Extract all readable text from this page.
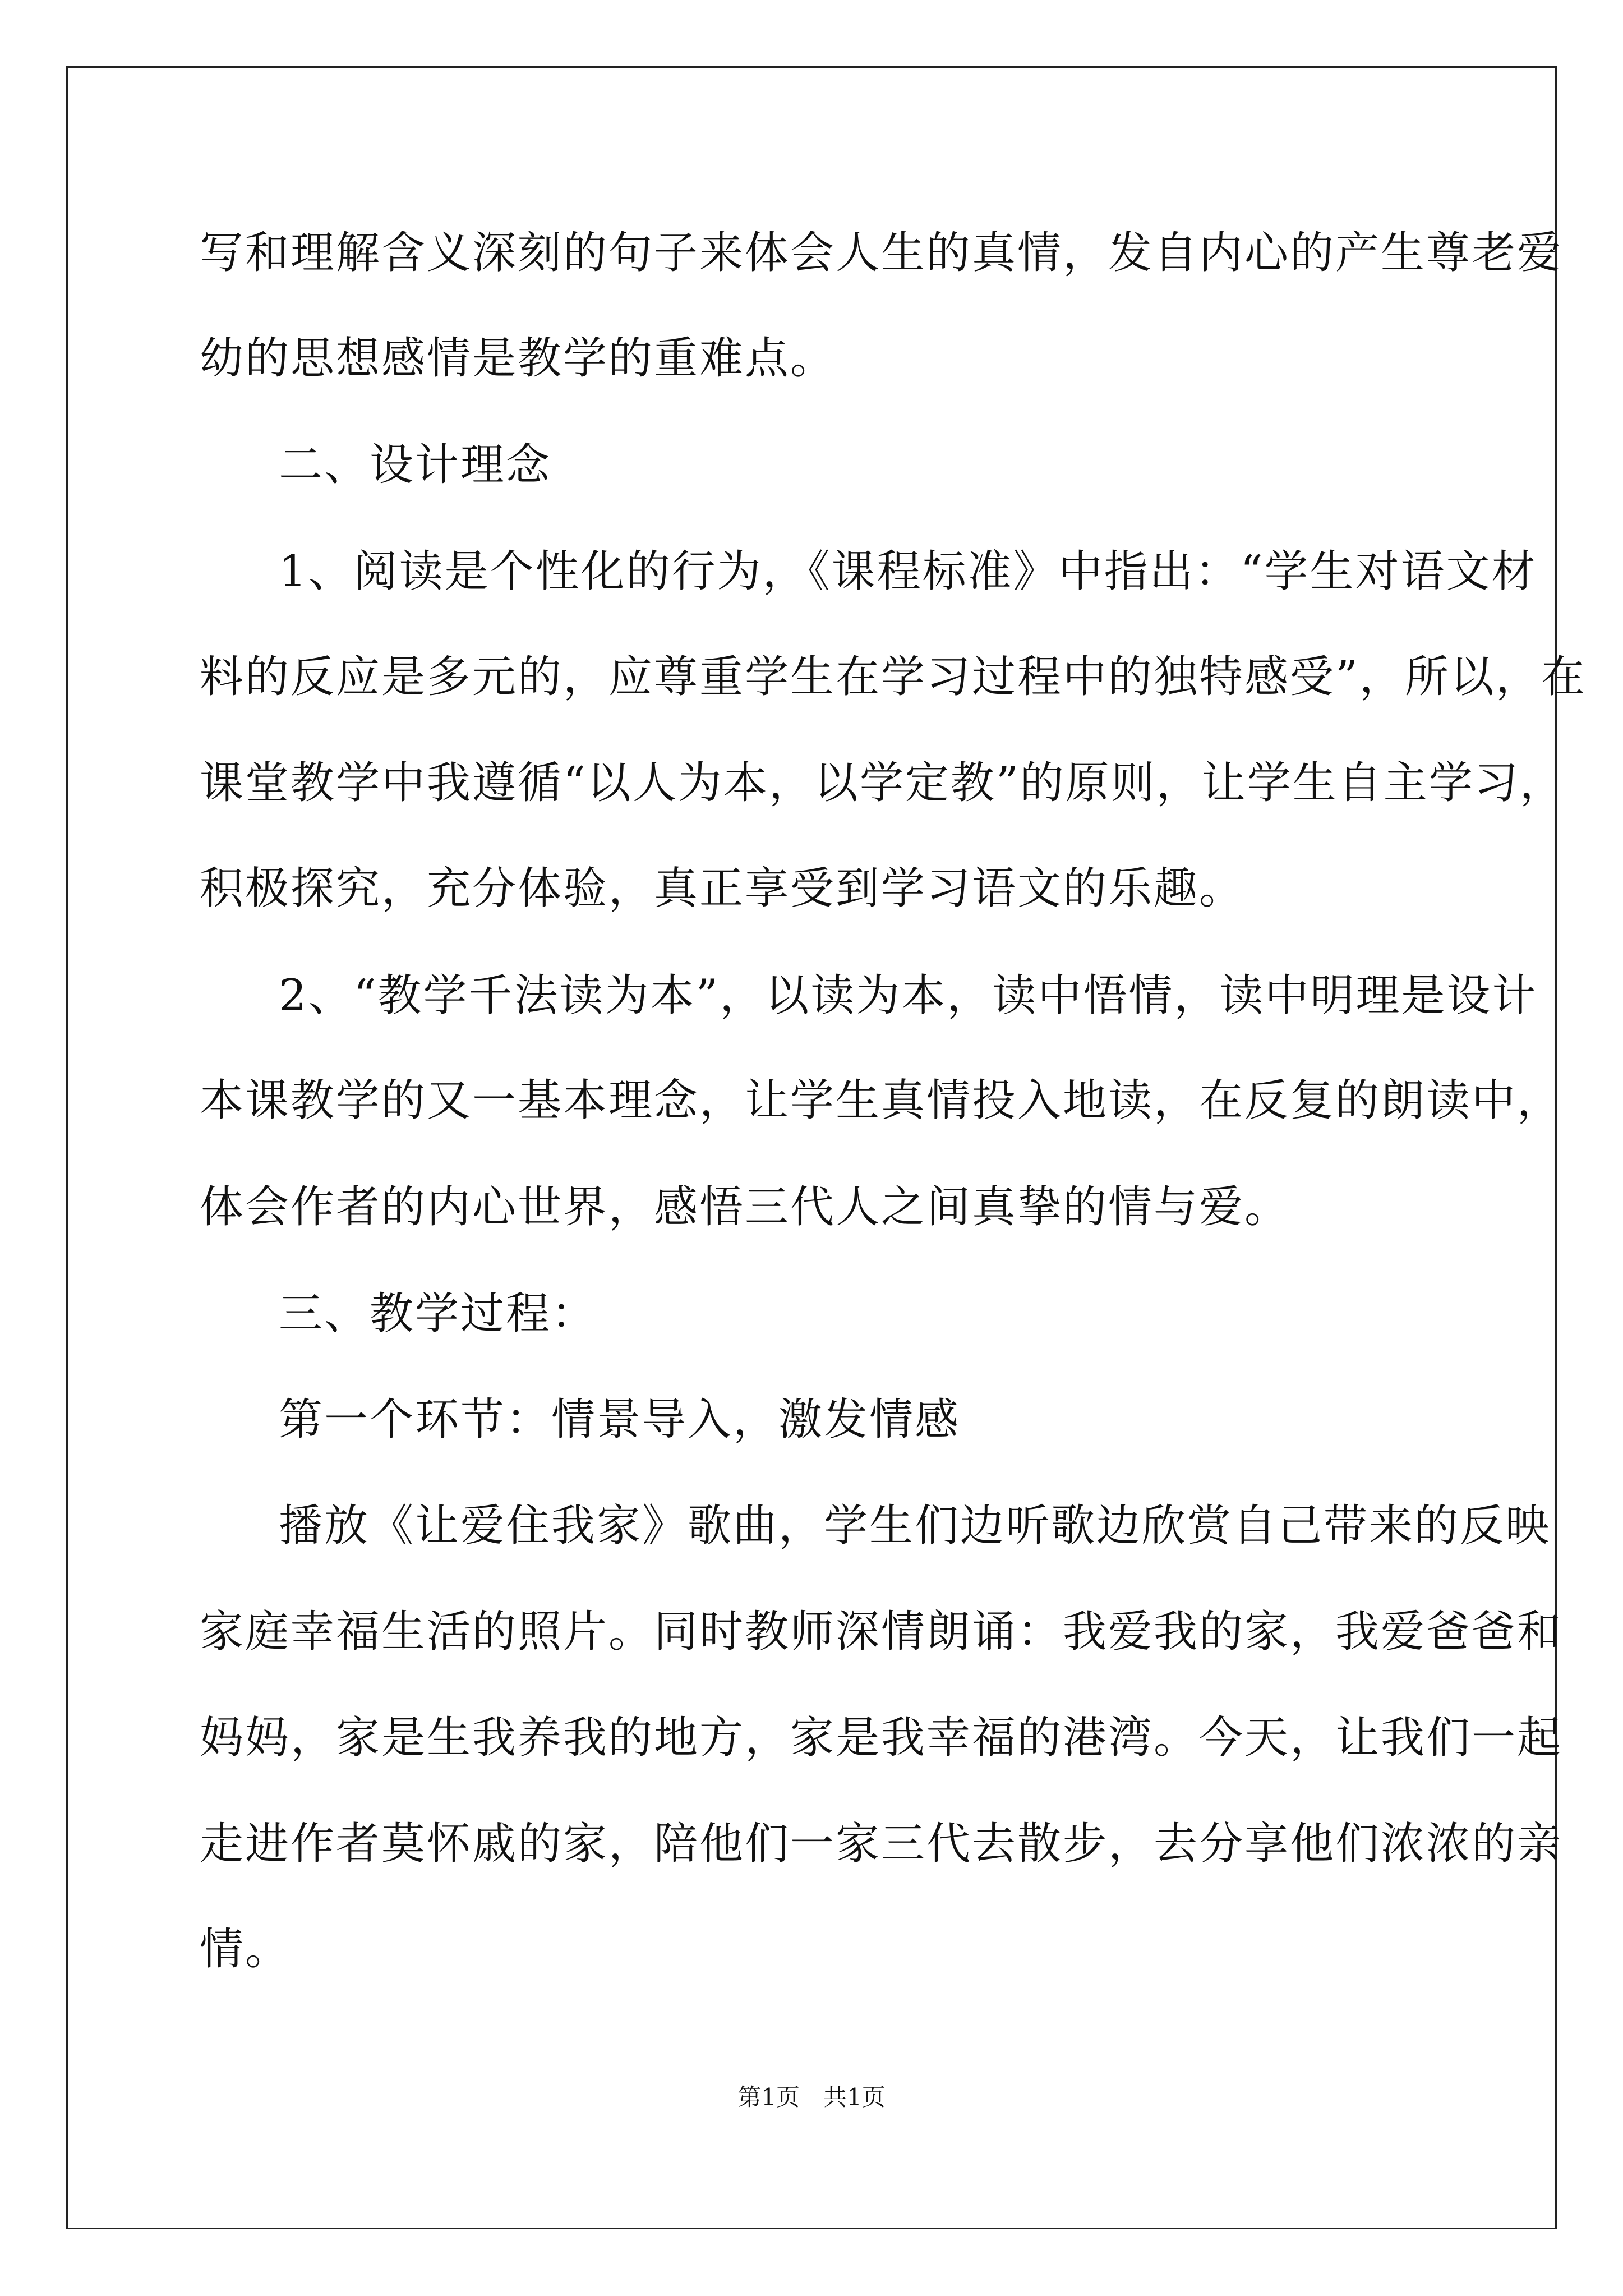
写和理解含义深刻的句子来体会人生的真情，发自内心的产生尊老爱
幼的思想感情是教学的重难点。
二、设计理念
1、阅读是个性化的行为，《课程标准》中指出：“学生对语文材
料的反应是多元的，应尊重学生在学习过程中的独特感受”，所以，在
课堂教学中我遵循“以人为本，以学定教”的原则，让学生自主学习，
积极探究，充分体验，真正享受到学习语文的乐趣。
2、“教学千法读为本”，以读为本，读中悟情，读中明理是设计
本课教学的又一基本理念，让学生真情投入地读，在反复的朗读中，
体会作者的内心世界，感悟三代人之间真挚的情与爱。
三、教学过程：
第一个环节：情景导入，激发情感
播放《让爱住我家》歌曲，学生们边听歌边欣赏自己带来的反映
家庭幸福生活的照片。同时教师深情朗诵：我爱我的家，我爱爸爸和
妈妈，家是生我养我的地方，家是我幸福的港湾。今天，让我们一起
走进作者莫怀戚的家，陪他们一家三代去散步，去分享他们浓浓的亲
情。
第1页　共1页
